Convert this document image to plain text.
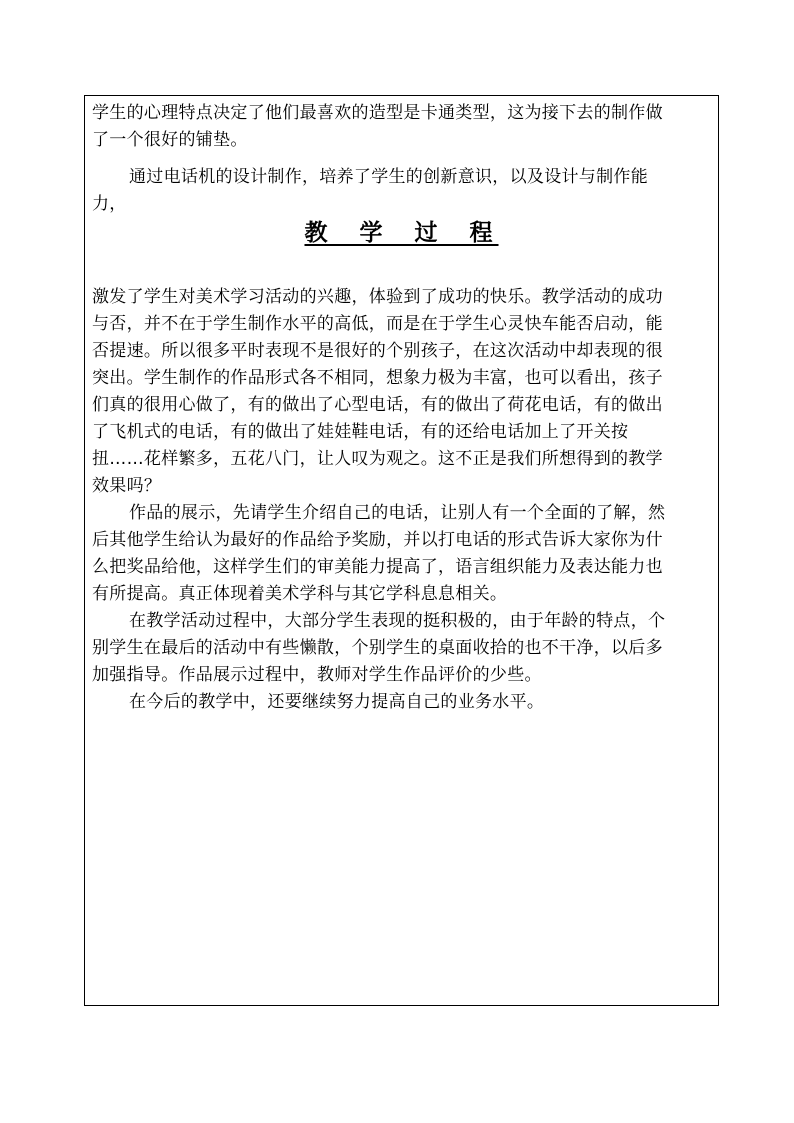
学生的心理特点决定了他们最喜欢的造型是卡通类型，这为接下去的制作做
了一个很好的铺垫。
通过电话机的设计制作，培养了学生的创新意识，以及设计与制作能
力，
教 学 过 程
激发了学生对美术学习活动的兴趣，体验到了成功的快乐。教学活动的成功
与否，并不在于学生制作水平的高低，而是在于学生心灵快车能否启动，能
否提速。所以很多平时表现不是很好的个别孩子，在这次活动中却表现的很
突出。学生制作的作品形式各不相同，想象力极为丰富，也可以看出，孩子
们真的很用心做了，有的做出了心型电话，有的做出了荷花电话，有的做出
了飞机式的电话，有的做出了娃娃鞋电话，有的还给电话加上了开关按
扭……花样繁多，五花八门，让人叹为观之。这不正是我们所想得到的教学
效果吗？
作品的展示，先请学生介绍自己的电话，让别人有一个全面的了解，然
后其他学生给认为最好的作品给予奖励，并以打电话的形式告诉大家你为什
么把奖品给他，这样学生们的审美能力提高了，语言组织能力及表达能力也
有所提高。真正体现着美术学科与其它学科息息相关。
在教学活动过程中，大部分学生表现的挺积极的，由于年龄的特点，个
别学生在最后的活动中有些懒散，个别学生的桌面收拾的也不干净，以后多
加强指导。作品展示过程中，教师对学生作品评价的少些。
在今后的教学中，还要继续努力提高自己的业务水平。
